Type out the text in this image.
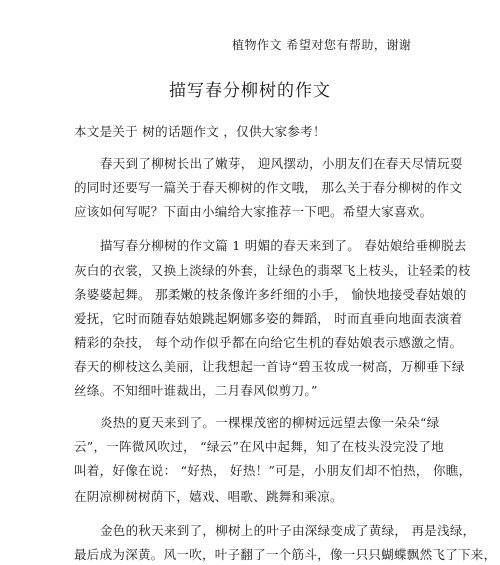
植物作文 希望对您有帮助，谢谢
描写春分柳树的作文
本文是关于 树的话题作文 ，仅供大家参考！
春天到了柳树长出了嫩芽， 迎风摆动，小朋友们在春天尽情玩耍
的同时还要写一篇关于春天柳树的作文哦， 那么关于春分柳树的作文
应该如何写呢？下面由小编给大家推荐一下吧。希望大家喜欢。
描写春分柳树的作文篇 1 明媚的春天来到了。 春姑娘给垂柳脱去
灰白的衣裳，又换上淡绿的外套，让绿色的翡翠飞上枝头，让轻柔的枝
条婆婆起舞。 那柔嫩的枝条像许多纤细的小手， 愉快地接受春姑娘的
爱抚，它时而随春姑娘跳起婀娜多姿的舞蹈， 时而直垂向地面表演着
精彩的杂技， 每个动作似乎都在向给它生机的春姑娘表示感激之情。
春天的柳枝这么美丽，让我想起一首诗“碧玉妆成一树高，万柳垂下绿
丝绦。不知细叶谁裁出，二月春风似剪刀。”
炎热的夏天来到了。一棵棵茂密的柳树远远望去像一朵朵“绿
云”，一阵微风吹过， “绿云”在风中起舞，知了在枝头没完没了地
叫着，好像在说： “好热， 好热！”可是，小朋友们却不怕热， 你瞧，
在阴凉柳树树荫下，嬉戏、唱歌、跳舞和乘凉。
金色的秋天来到了，柳树上的叶子由深绿变成了黄绿， 再是浅绿，
最后成为深黄。风一吹，叶子翻了一个筋斗，像一只只蝴蝶飘然飞了下来，
